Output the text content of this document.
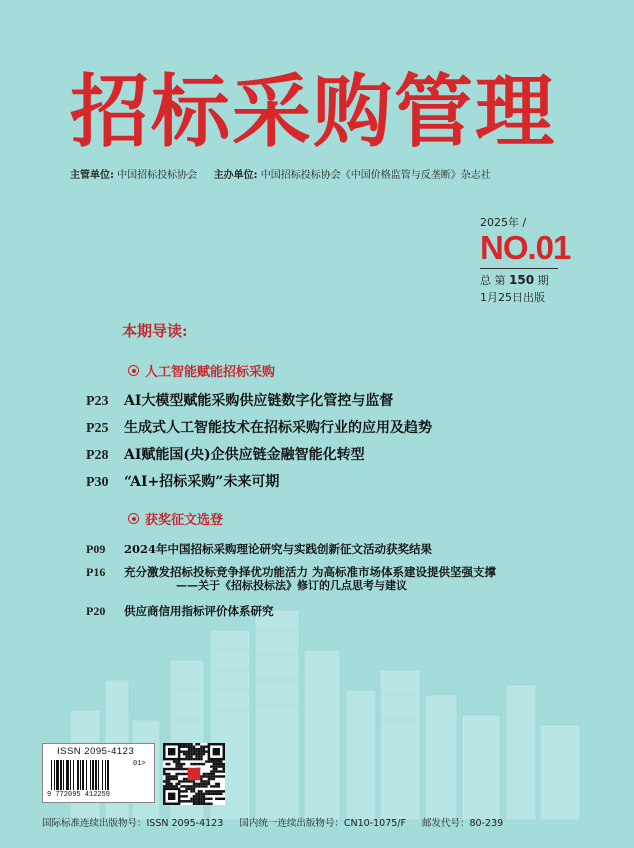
招标采购管理
主管单位: 中国招标投标协会 主办单位: 中国招标投标协会《中国价格监管与反垄断》杂志社
2025年 /
NO.01
总 第 150 期
1月25日出版
本期导读:
人工智能赋能招标采购
P23 AI大模型赋能采购供应链数字化管控与监督
P25 生成式人工智能技术在招标采购行业的应用及趋势
P28 AI赋能国(央)企供应链金融智能化转型
P30 “AI+招标采购”未来可期
获奖征文选登
P09 2024年中国招标采购理论研究与实践创新征文活动获奖结果
P16 充分激发招标投标竞争择优功能活力 为高标准市场体系建设提供坚强支撑
——关于《招标投标法》修订的几点思考与建议
P20 供应商信用指标评价体系研究
ISSN 2095-4123
01>
9 772095 412259
国际标准连续出版物号：ISSN 2095-4123 国内统一连续出版物号：CN10-1075/F 邮发代号：80-239
